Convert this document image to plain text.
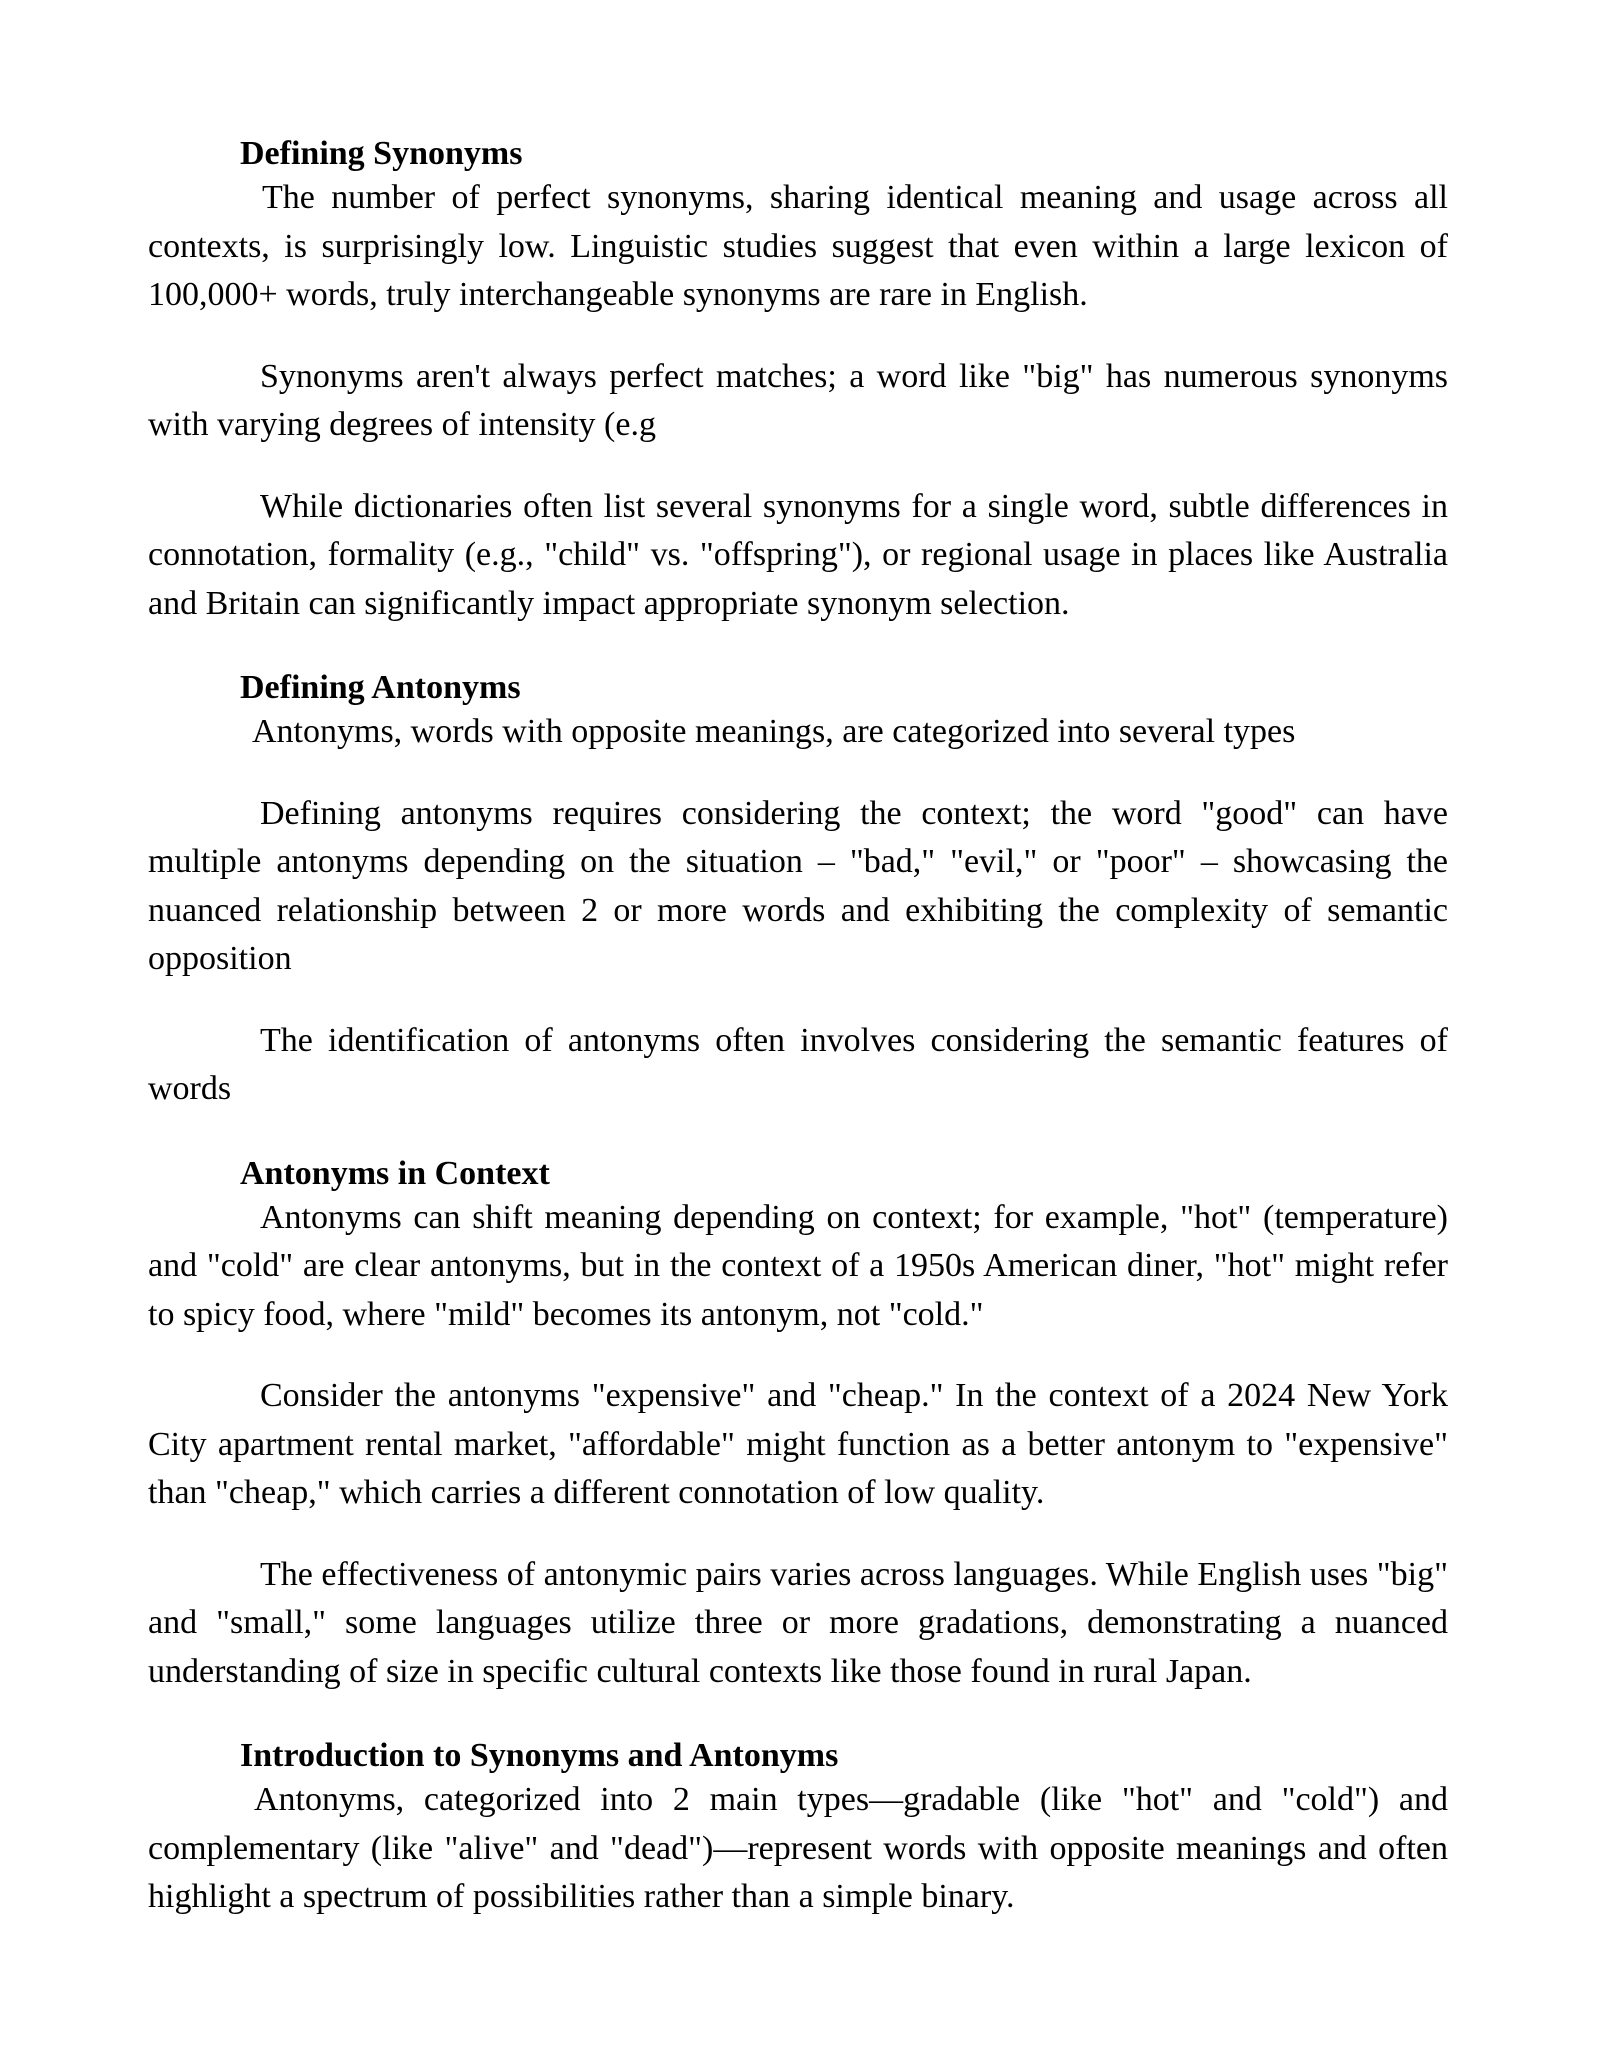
Defining Synonyms

The number of perfect synonyms, sharing identical meaning and usage across all contexts, is surprisingly low. Linguistic studies suggest that even within a large lexicon of 100,000+ words, truly interchangeable synonyms are rare in English.

Synonyms aren't always perfect matches; a word like "big" has numerous synonyms with varying degrees of intensity (e.g

While dictionaries often list several synonyms for a single word, subtle differences in connotation, formality (e.g., "child" vs. "offspring"), or regional usage in places like Australia and Britain can significantly impact appropriate synonym selection.

Defining Antonyms

Antonyms, words with opposite meanings, are categorized into several types

Defining antonyms requires considering the context; the word "good" can have multiple antonyms depending on the situation – "bad," "evil," or "poor" – showcasing the nuanced relationship between 2 or more words and exhibiting the complexity of semantic opposition

The identification of antonyms often involves considering the semantic features of words

Antonyms in Context

Antonyms can shift meaning depending on context; for example, "hot" (temperature) and "cold" are clear antonyms, but in the context of a 1950s American diner, "hot" might refer to spicy food, where "mild" becomes its antonym, not "cold."

Consider the antonyms "expensive" and "cheap." In the context of a 2024 New York City apartment rental market, "affordable" might function as a better antonym to "expensive" than "cheap," which carries a different connotation of low quality.

The effectiveness of antonymic pairs varies across languages. While English uses "big" and "small," some languages utilize three or more gradations, demonstrating a nuanced understanding of size in specific cultural contexts like those found in rural Japan.

Introduction to Synonyms and Antonyms

Antonyms, categorized into 2 main types—gradable (like "hot" and "cold") and complementary (like "alive" and "dead")—represent words with opposite meanings and often highlight a spectrum of possibilities rather than a simple binary.
